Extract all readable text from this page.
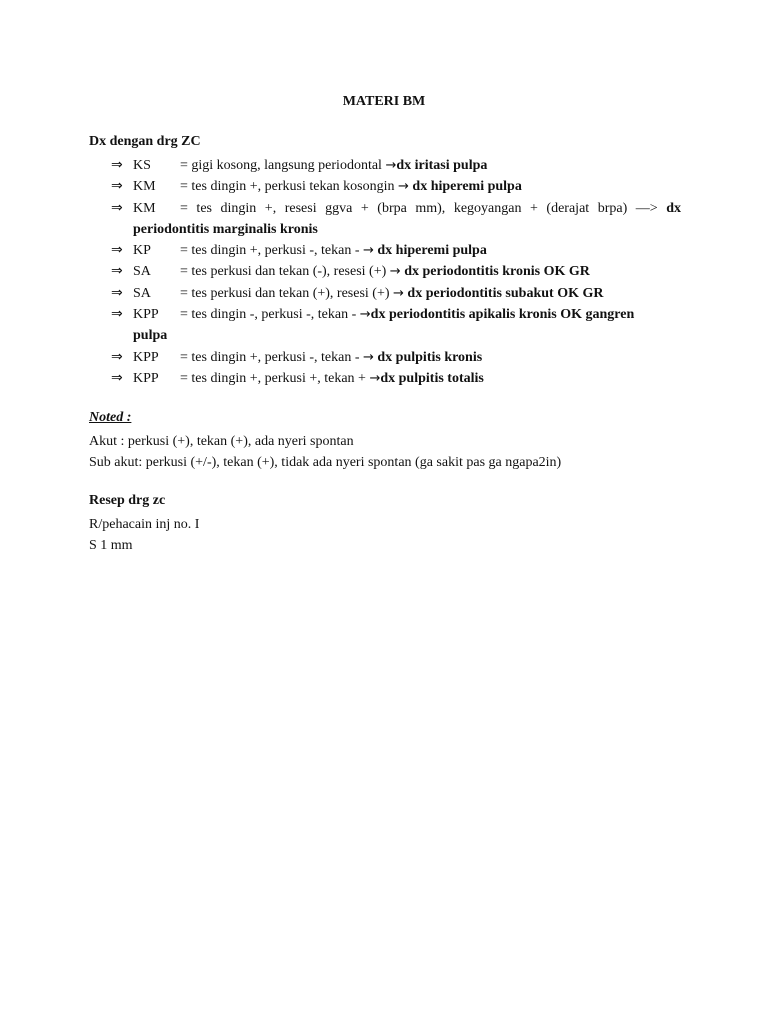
MATERI BM
Dx dengan drg ZC
⇒ KS	= gigi kosong, langsung periodontal →dx iritasi pulpa
⇒ KM	= tes dingin +, perkusi tekan kosongin → dx hiperemi pulpa
⇒ KM	= tes dingin +, resesi ggva + (brpa mm), kegoyangan + (derajat brpa) —> dx
periodontitis marginalis kronis
⇒ KP	= tes dingin +, perkusi -, tekan - → dx hiperemi pulpa
⇒ SA	= tes perkusi dan tekan (-), resesi (+) → dx periodontitis kronis OK GR
⇒ SA	= tes perkusi dan tekan (+), resesi (+) → dx periodontitis subakut OK GR
⇒ KPP	= tes dingin -, perkusi -, tekan - →dx periodontitis apikalis kronis OK gangren
pulpa
⇒ KPP	= tes dingin +, perkusi -, tekan - → dx pulpitis kronis
⇒ KPP	= tes dingin +, perkusi +, tekan + →dx pulpitis totalis
Noted :
Akut : perkusi (+), tekan (+), ada nyeri spontan
Sub akut: perkusi (+/-), tekan (+), tidak ada nyeri spontan (ga sakit pas ga ngapa2in)
Resep drg zc
R/pehacain inj no. I
S 1 mm
